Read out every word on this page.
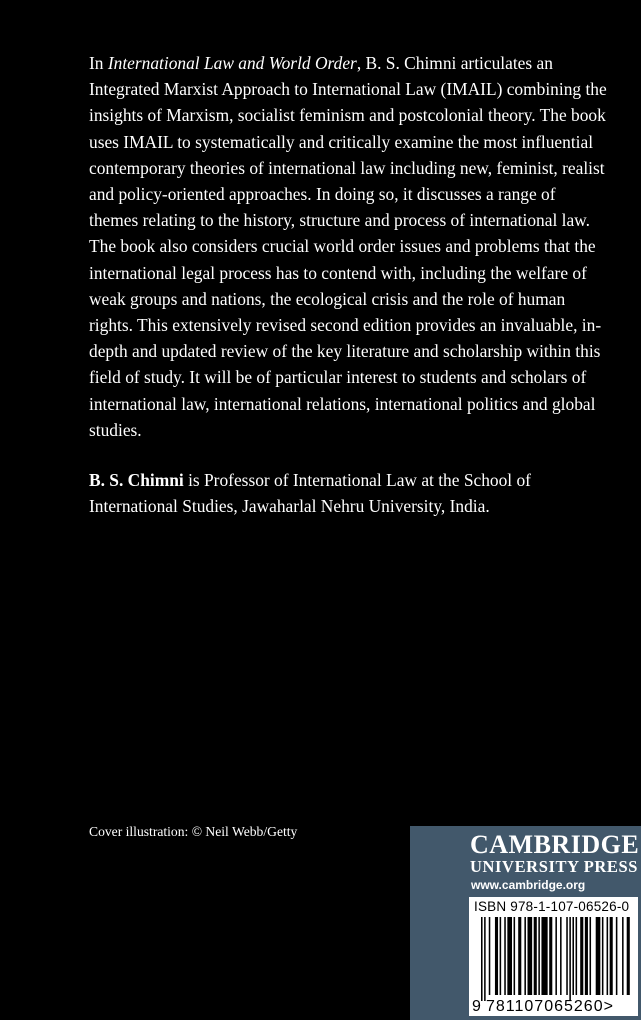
In International Law and World Order, B. S. Chimni articulates an Integrated Marxist Approach to International Law (IMAIL) combining the insights of Marxism, socialist feminism and postcolonial theory. The book uses IMAIL to systematically and critically examine the most influential contemporary theories of international law including new, feminist, realist and policy-oriented approaches. In doing so, it discusses a range of themes relating to the history, structure and process of international law. The book also considers crucial world order issues and problems that the international legal process has to contend with, including the welfare of weak groups and nations, the ecological crisis and the role of human rights. This extensively revised second edition provides an invaluable, in-depth and updated review of the key literature and scholarship within this field of study. It will be of particular interest to students and scholars of international law, international relations, international politics and global studies.

B. S. Chimni is Professor of International Law at the School of International Studies, Jawaharlal Nehru University, India.

Cover illustration: © Neil Webb/Getty	CAMBRIDGE
UNIVERSITY PRESS
www.cambridge.org
ISBN 978-1-107-06526-0
9 781107065260>
